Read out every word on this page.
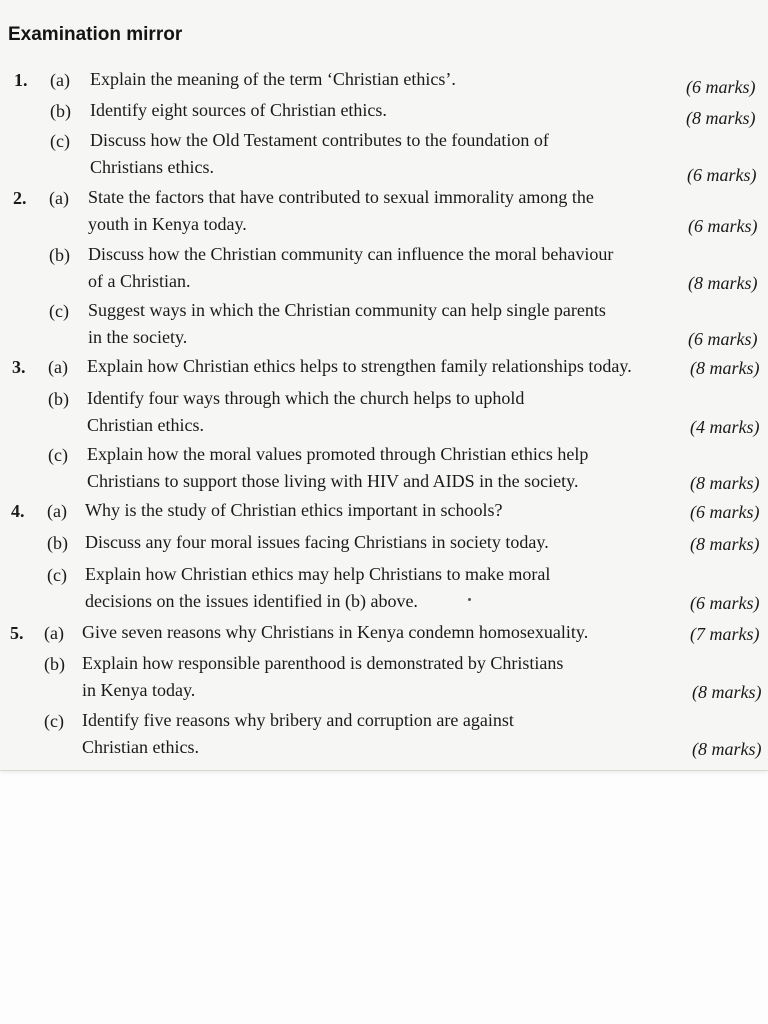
Examination mirror
1. (a) Explain the meaning of the term ‘Christian ethics’.	(6 marks)
(b) Identify eight sources of Christian ethics.	(8 marks)
(c) Discuss how the Old Testament contributes to the foundation of
Christians ethics.	(6 marks)
2. (a) State the factors that have contributed to sexual immorality among the
youth in Kenya today.	(6 marks)
(b) Discuss how the Christian community can influence the moral behaviour
of a Christian.	(8 marks)
(c) Suggest ways in which the Christian community can help single parents
in the society.	(6 marks)
3. (a) Explain how Christian ethics helps to strengthen family relationships today.	(8 marks)
(b) Identify four ways through which the church helps to uphold
Christian ethics.	(4 marks)
(c) Explain how the moral values promoted through Christian ethics help
Christians to support those living with HIV and AIDS in the society.	(8 marks)
4. (a) Why is the study of Christian ethics important in schools?	(6 marks)
(b) Discuss any four moral issues facing Christians in society today.	(8 marks)
(c) Explain how Christian ethics may help Christians to make moral
decisions on the issues identified in (b) above.	(6 marks)
5. (a) Give seven reasons why Christians in Kenya condemn homosexuality.	(7 marks)
(b) Explain how responsible parenthood is demonstrated by Christians
in Kenya today.	(8 marks)
(c) Identify five reasons why bribery and corruption are against
Christian ethics.	(8 marks)
